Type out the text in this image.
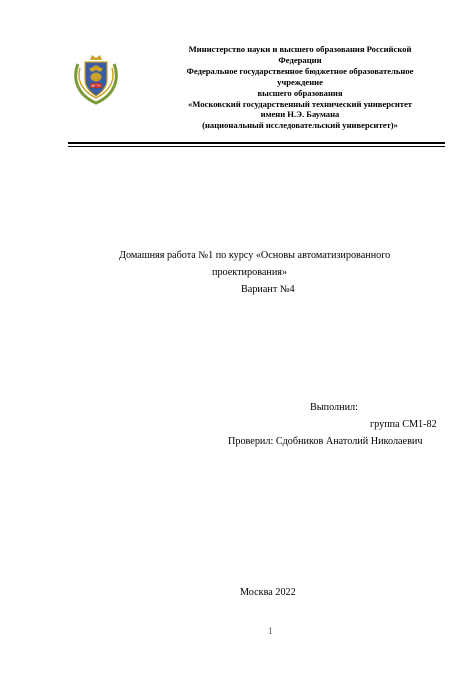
МГТУ
Министерство науки и высшего образования Российской
Федерации
Федеральное государственное бюджетное образовательное
учреждение
высшего образования
«Московский государственный технический университет
имени Н.Э. Баумана
(национальный исследовательский университет)»
Домашняя работа №1 по курсу «Основы автоматизированного
проектирования»
Вариант №4
Выполнил:
группа СМ1-82
Проверил: Сдобников Анатолий Николаевич
Москва 2022
1
